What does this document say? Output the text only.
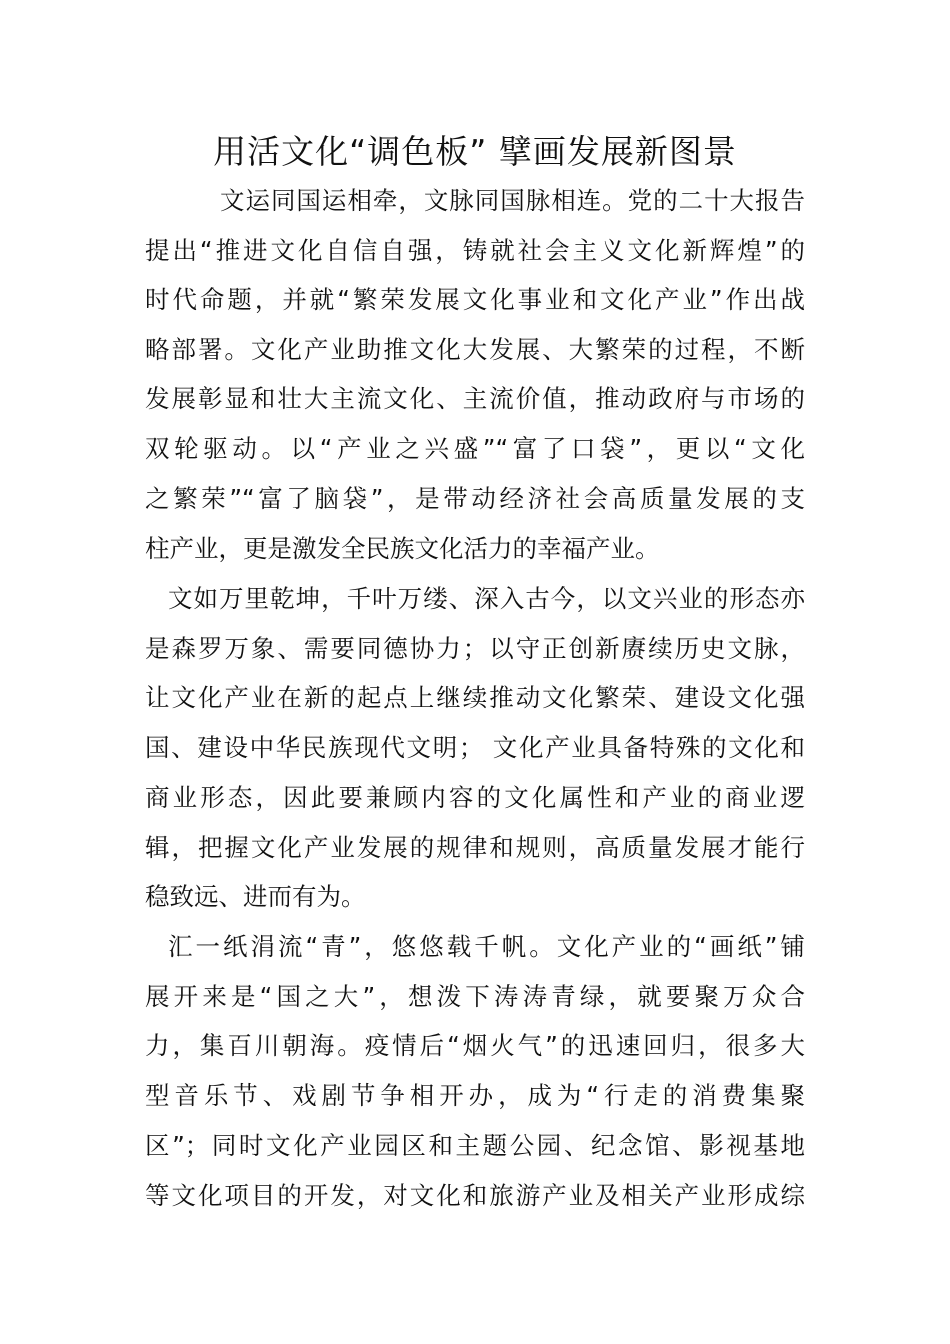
用活文化“调色板” 擘画发展新图景

文运同国运相牵，文脉同国脉相连。党的二十大报告

提出“推进文化自信自强，铸就社会主义文化新辉煌”的

时代命题，并就“繁荣发展文化事业和文化产业”作出战

略部署。文化产业助推文化大发展、大繁荣的过程，不断

发展彰显和壮大主流文化、主流价值，推动政府与市场的

双轮驱动。以“产业之兴盛”“富了口袋”，更以“文化

之繁荣”“富了脑袋”，是带动经济社会高质量发展的支

柱产业，更是激发全民族文化活力的幸福产业。

文如万里乾坤，千叶万缕、深入古今，以文兴业的形态亦

是森罗万象、需要同德协力；以守正创新赓续历史文脉，

让文化产业在新的起点上继续推动文化繁荣、建设文化强

国、建设中华民族现代文明； 文化产业具备特殊的文化和

商业形态，因此要兼顾内容的文化属性和产业的商业逻

辑，把握文化产业发展的规律和规则，高质量发展才能行

稳致远、进而有为。

汇一纸涓流“青”，悠悠载千帆。文化产业的“画纸”铺

展开来是“国之大”，想泼下涛涛青绿，就要聚万众合

力，集百川朝海。疫情后“烟火气”的迅速回归，很多大

型音乐节、戏剧节争相开办，成为“行走的消费集聚

区”；同时文化产业园区和主题公园、纪念馆、影视基地

等文化项目的开发，对文化和旅游产业及相关产业形成综
